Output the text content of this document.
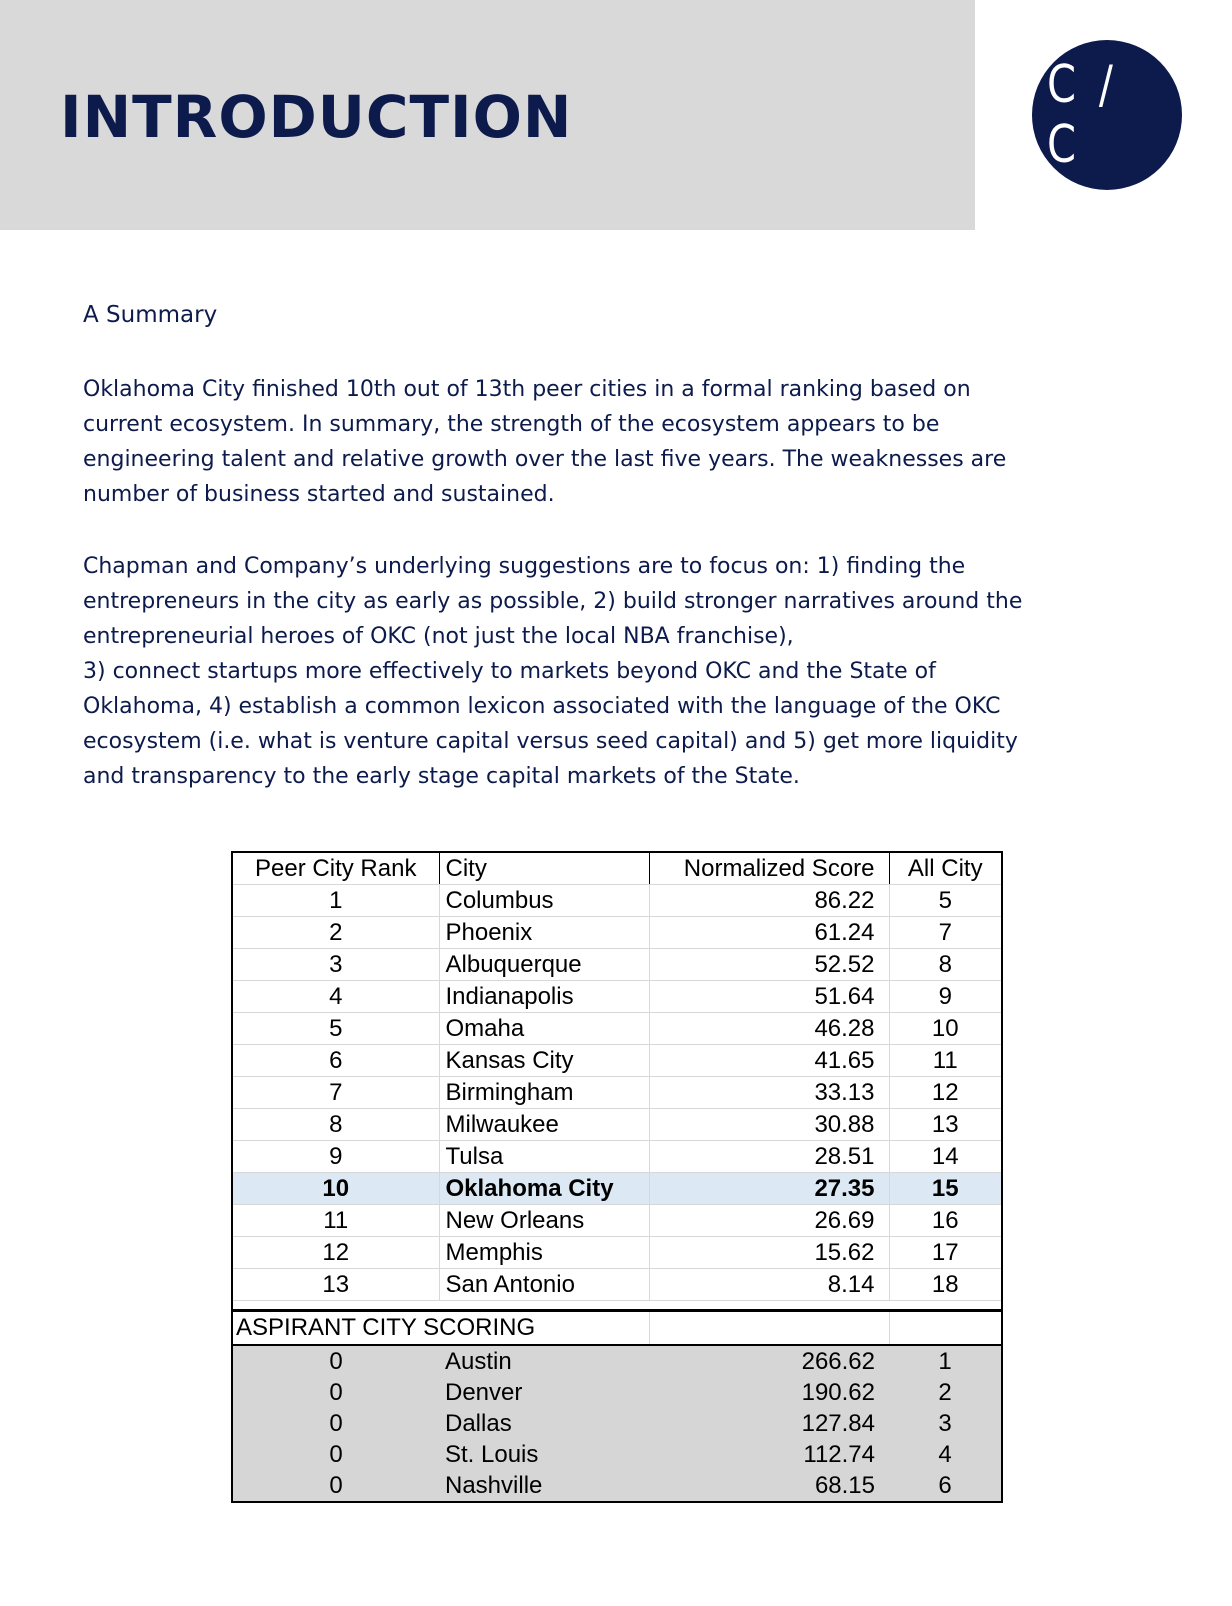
INTRODUCTION	C / C
A Summary

Oklahoma City finished 10th out of 13th peer cities in a formal ranking based on
current ecosystem. In summary, the strength of the ecosystem appears to be
engineering talent and relative growth over the last five years. The weaknesses are
number of business started and sustained.

Chapman and Company’s underlying suggestions are to focus on: 1) finding the
entrepreneurs in the city as early as possible, 2) build stronger narratives around the
entrepreneurial heroes of OKC (not just the local NBA franchise),
3) connect startups more effectively to markets beyond OKC and the State of
Oklahoma, 4) establish a common lexicon associated with the language of the OKC
ecosystem (i.e. what is venture capital versus seed capital) and 5) get more liquidity
and transparency to the early stage capital markets of the State.

Peer City Rank	City	Normalized Score	All City
1	Columbus	86.22	5
2	Phoenix	61.24	7
3	Albuquerque	52.52	8
4	Indianapolis	51.64	9
5	Omaha	46.28	10
6	Kansas City	41.65	11
7	Birmingham	33.13	12
8	Milwaukee	30.88	13
9	Tulsa	28.51	14
10	Oklahoma City	27.35	15
11	New Orleans	26.69	16
12	Memphis	15.62	17
13	San Antonio	8.14	18

ASPIRANT CITY SCORING			
0	Austin	266.62	1
0	Denver	190.62	2
0	Dallas	127.84	3
0	St. Louis	112.74	4
0	Nashville	68.15	6
